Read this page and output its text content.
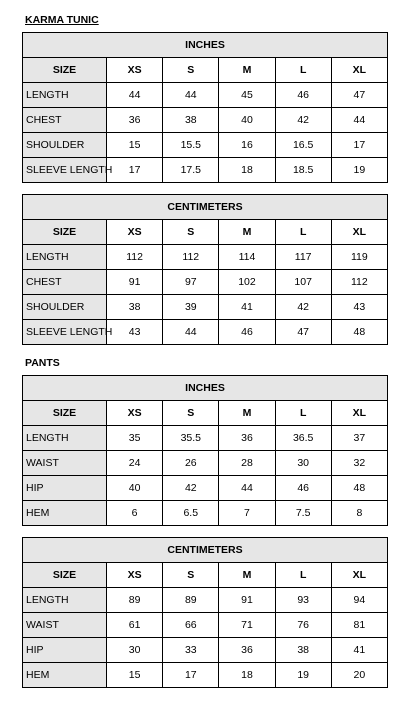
KARMA TUNIC
INCHES					
SIZE	XS	S	M	L	XL
LENGTH	44	44	45	46	47
CHEST	36	38	40	42	44
SHOULDER	15	15.5	16	16.5	17
SLEEVE LENGTH	17	17.5	18	18.5	19
CENTIMETERS					
SIZE	XS	S	M	L	XL
LENGTH	112	112	114	117	119
CHEST	91	97	102	107	112
SHOULDER	38	39	41	42	43
SLEEVE LENGTH	43	44	46	47	48
PANTS
INCHES					
SIZE	XS	S	M	L	XL
LENGTH	35	35.5	36	36.5	37
WAIST	24	26	28	30	32
HIP	40	42	44	46	48
HEM	6	6.5	7	7.5	8
CENTIMETERS					
SIZE	XS	S	M	L	XL
LENGTH	89	89	91	93	94
WAIST	61	66	71	76	81
HIP	30	33	36	38	41
HEM	15	17	18	19	20
